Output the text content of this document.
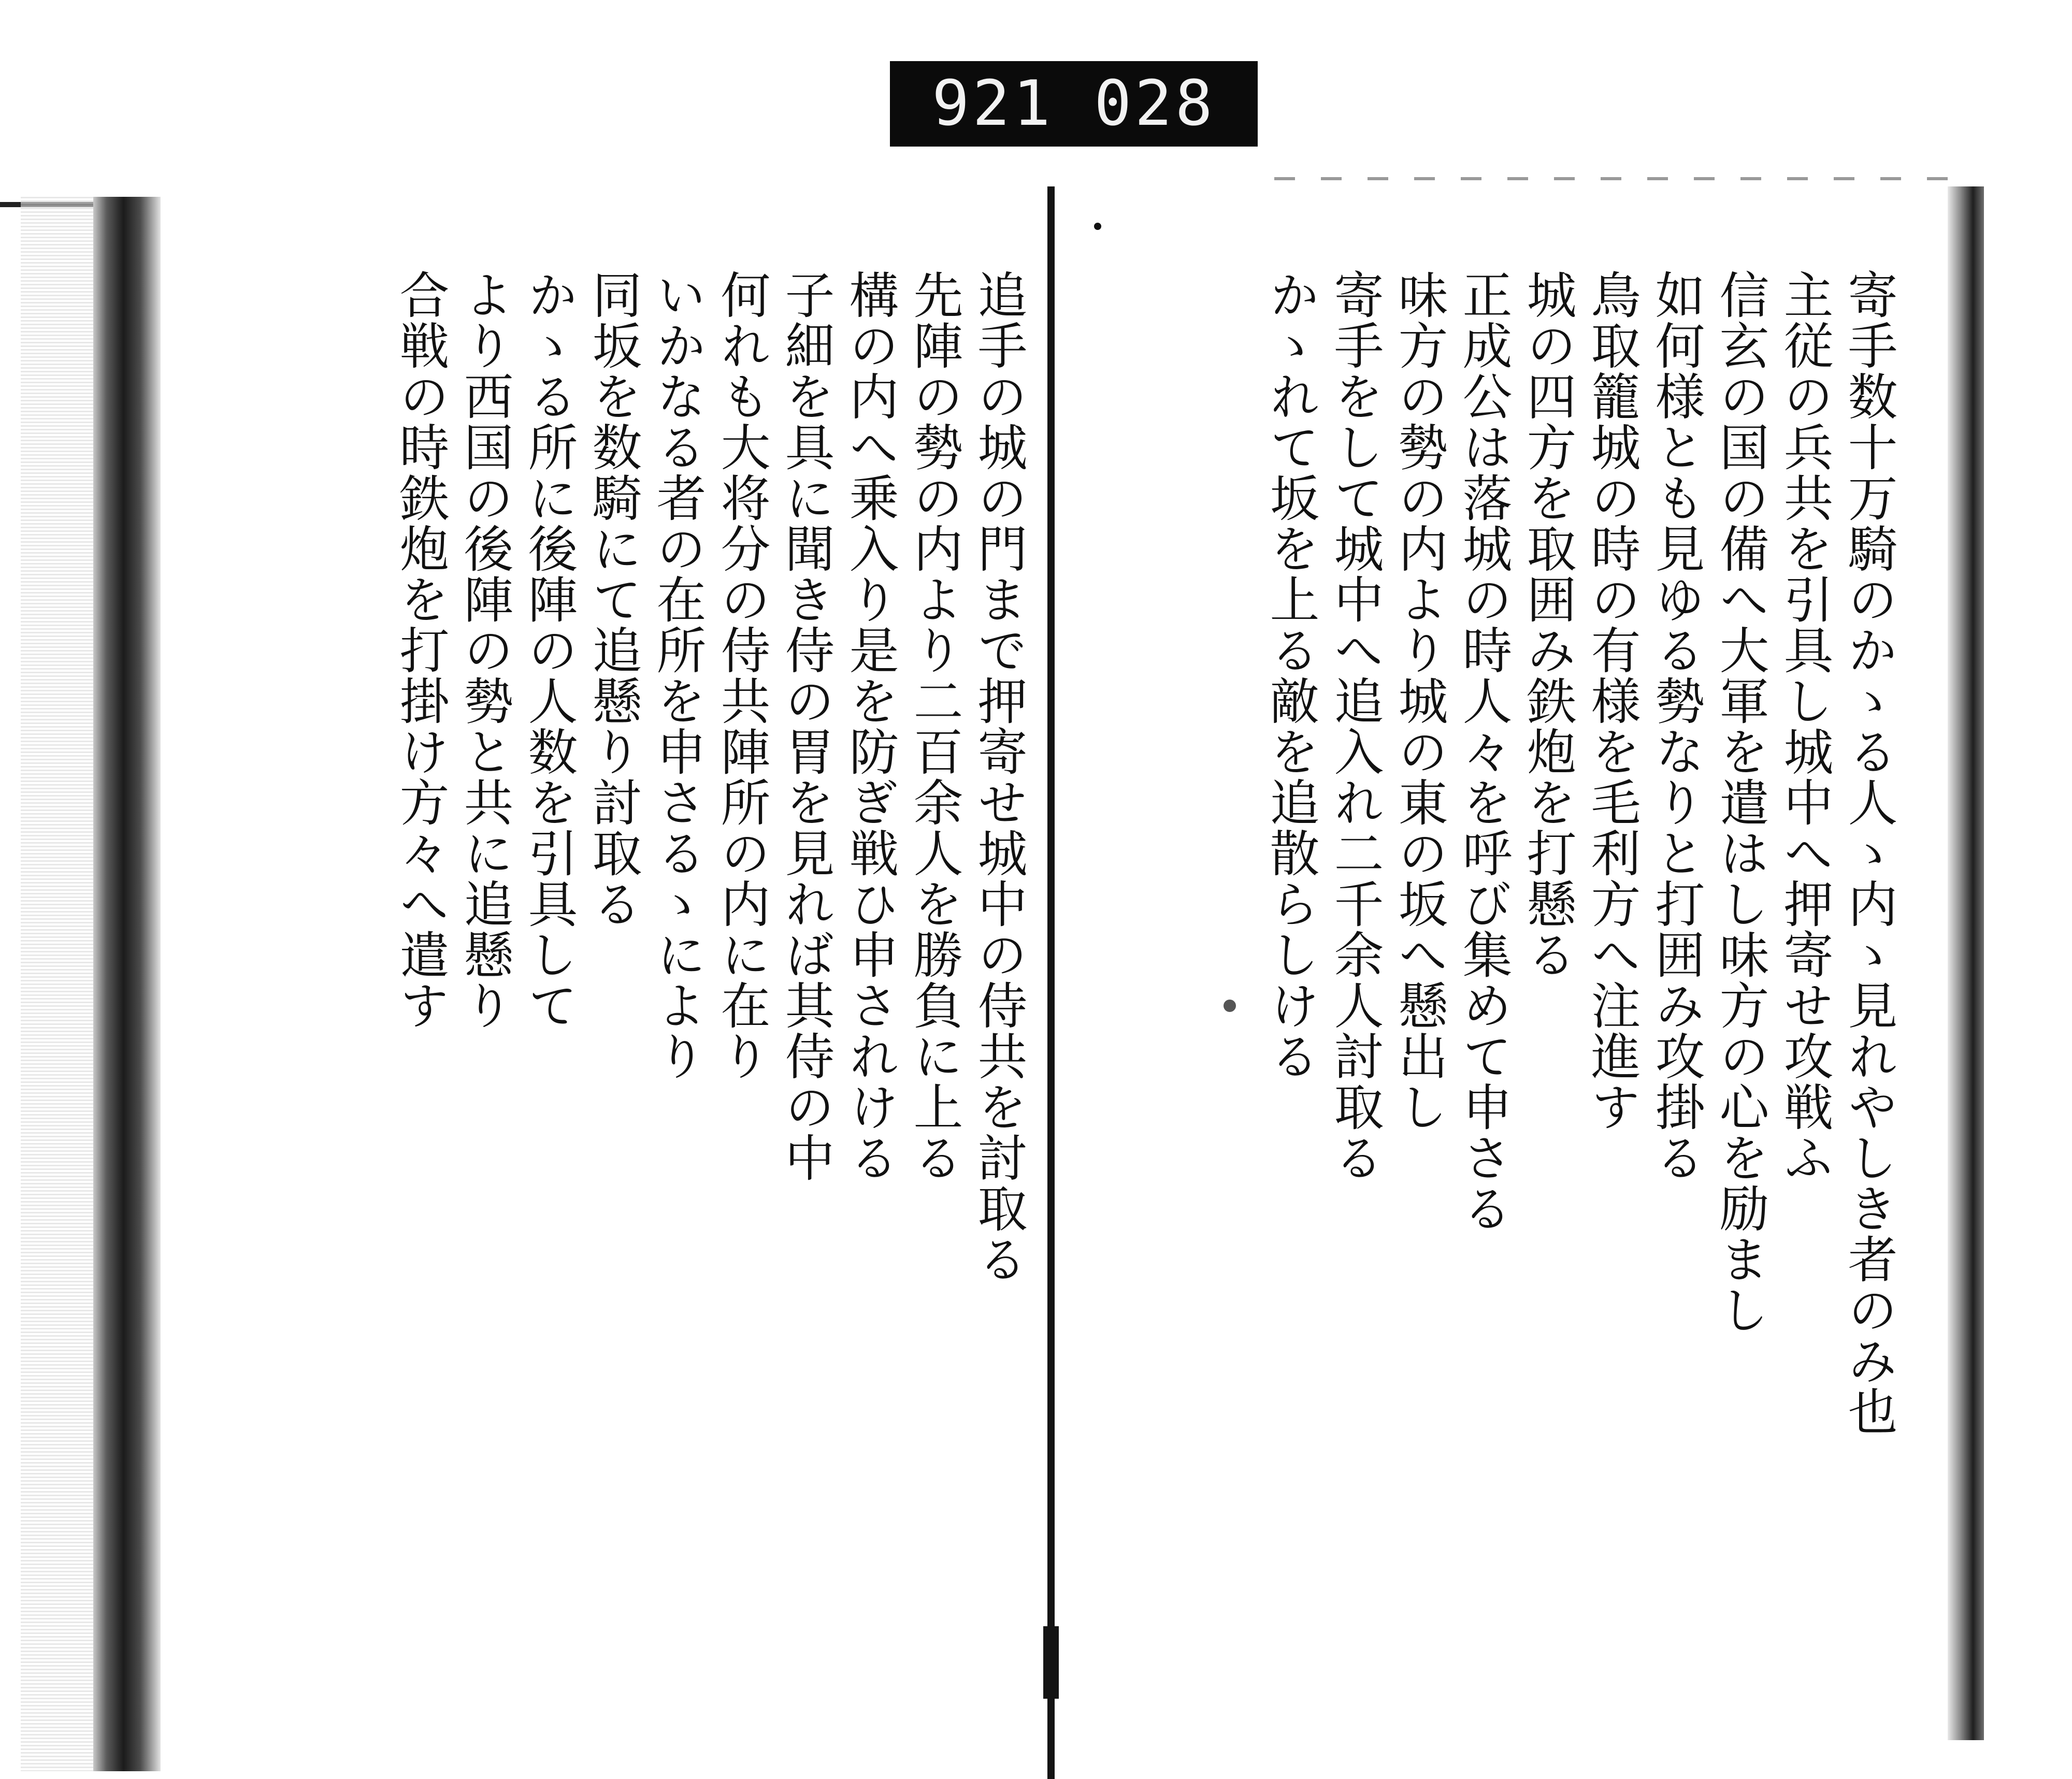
921 028
寄手数十万騎のかゝる人ゝ内ゝ見れやしき者のみ也
主従の兵共を引具し城中へ押寄せ攻戦ふ
信玄の国の備へ大軍を遣はし味方の心を励まし
如何様とも見ゆる勢なりと打囲み攻掛る
鳥取籠城の時の有様を毛利方へ注進す
城の四方を取囲み鉄炮を打懸る
正成公は落城の時人々を呼び集めて申さる
味方の勢の内より城の東の坂へ懸出し
寄手をして城中へ追入れ二千余人討取る
かゝれて坂を上る敵を追散らしける
追手の城の門まで押寄せ城中の侍共を討取る
先陣の勢の内より二百余人を勝負に上る
構の内へ乗入り是を防ぎ戦ひ申されける
子細を具に聞き侍の胃を見れば其侍の中
何れも大将分の侍共陣所の内に在り
いかなる者の在所を申さるゝにより
同坂を数騎にて追懸り討取る
かゝる所に後陣の人数を引具して
より西国の後陣の勢と共に追懸り
合戦の時鉄炮を打掛け方々へ遣す
